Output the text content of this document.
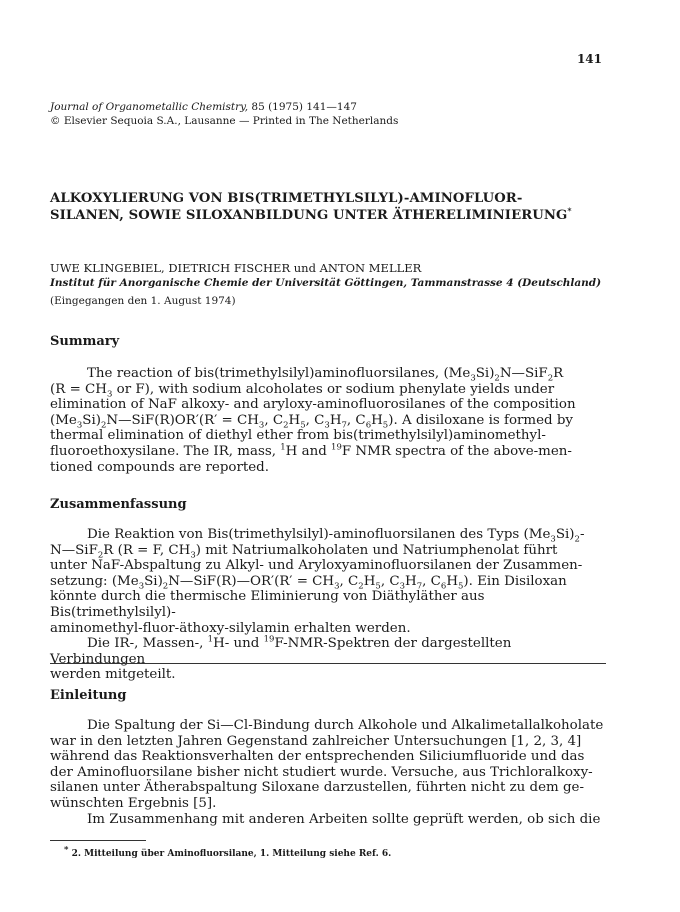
141
Journal of Organometallic Chemistry, 85 (1975) 141—147
© Elsevier Sequoia S.A., Lausanne — Printed in The Netherlands
ALKOXYLIERUNG VON BIS(TRIMETHYLSILYL)-AMINOFLUOR-
SILANEN, SOWIE SILOXANBILDUNG UNTER ÄTHERELIMINIERUNG*
UWE KLINGEBIEL, DIETRICH FISCHER und ANTON MELLER
Institut für Anorganische Chemie der Universität Göttingen, Tammanstrasse 4 (Deutschland)
(Eingegangen den 1. August 1974)
Summary

The reaction of bis(trimethylsilyl)aminofluorsilanes, $(Me_3Si)_2N—SiF_2R$

($R = CH_3$ or F), with sodium alcoholates or sodium phenylate yields under

elimination of NaF alkoxy- and aryloxy-aminofluorosilanes of the composition

$(Me_3Si)_2N—SiF(R)OR'(R' = CH_3$, $C_2H_5$, $C_3H_7$, $C_6H_5$). A disiloxane is formed by

thermal elimination of diethyl ether from bis(trimethylsilyl)aminomethyl-

fluoroethoxysilane. The IR, mass, $^1$H and $^{19}$F NMR spectra of the above-men-

tioned compounds are reported.

Zusammenfassung

Die Reaktion von Bis(trimethylsilyl)-aminofluorsilanen des Typs $(Me_3Si)_2-$

N—SiF$_2$R (R = F, $CH_3$) mit Natriumalkoholaten und Natriumphenolat führt

unter NaF-Abspaltung zu Alkyl- und Aryloxyaminofluorsilanen der Zusammen-

setzung: $(Me_3Si)_2N—SiF(R)—OR'(R' = CH_3$, $C_2H_5$, $C_3H_7$, $C_6H_5$). Ein Disiloxan

könnte durch die thermische Eliminierung von Diäthyläther aus Bis(trimethylsilyl)-

aminomethyl-fluor-äthoxy-silylamin erhalten werden.

Die IR-, Massen-, $^1$H- und $^{19}$F-NMR-Spektren der dargestellten Verbindungen

werden mitgeteilt.

Einleitung

Die Spaltung der Si—Cl-Bindung durch Alkohole und Alkalimetallalkoholate

war in den letzten Jahren Gegenstand zahlreicher Untersuchungen [1, 2, 3, 4]

während das Reaktionsverhalten der entsprechenden Siliciumfluoride und das

der Aminofluorsilane bisher nicht studiert wurde. Versuche, aus Trichloralkoxy-

silanen unter Ätherabspaltung Siloxane darzustellen, führten nicht zu dem ge-

wünschten Ergebnis [5].

Im Zusammenhang mit anderen Arbeiten sollte geprüft werden, ob sich die

* 2. Mitteilung über Aminofluorsilane, 1. Mitteilung siehe Ref. 6.
